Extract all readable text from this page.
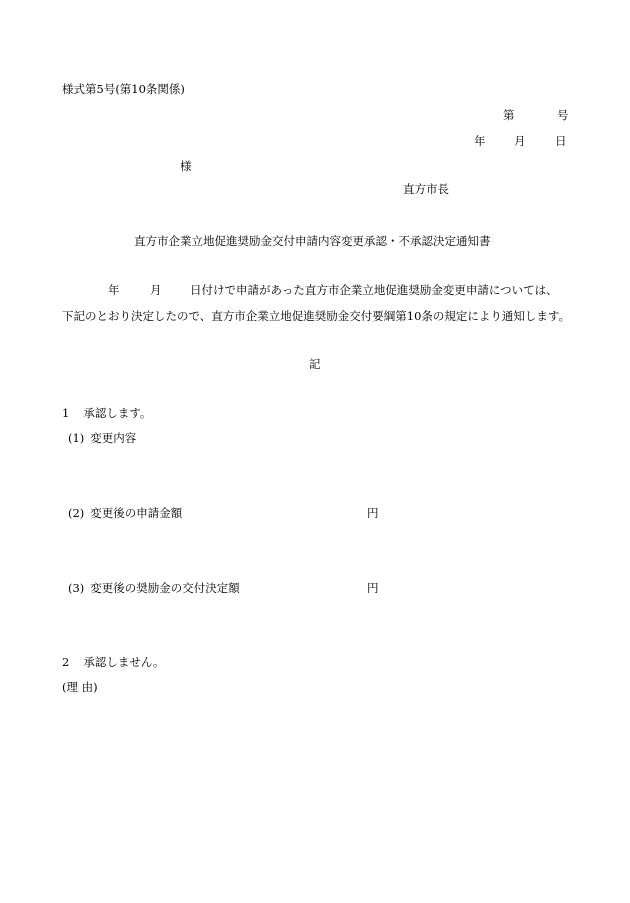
様式第5号(第10条関係)
第	号
年 月	日
様
直方市長
直方市企業立地促進奨励金交付申請内容変更承認・不承認決定通知書
年	月 日付けで申請があった直方市企業立地促進奨励金変更申請については、
下記のとおり決定したので、直方市企業立地促進奨励金交付要綱第10条の規定により通知します。
記
1 承認します。
(1) 変更内容
(2) 変更後の申請金額	円
(3) 変更後の奨励金の交付決定額	円
2 承認しません。
(理 由)
